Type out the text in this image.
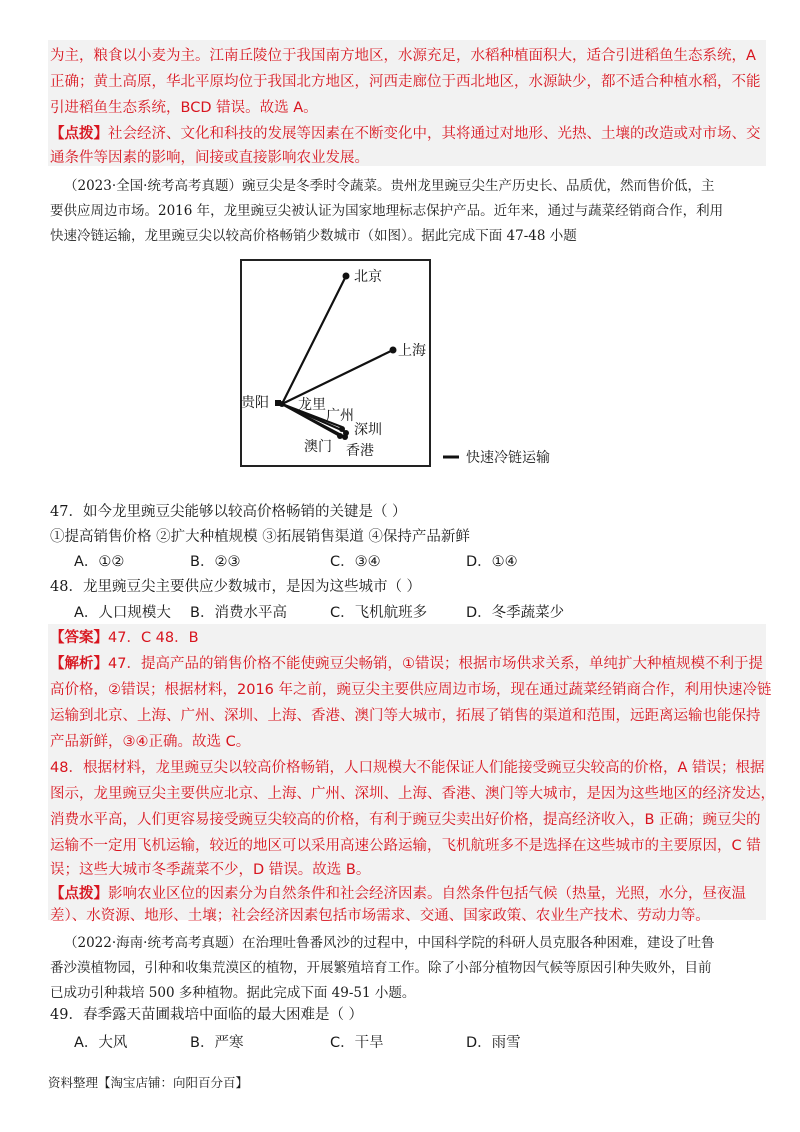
为主，粮食以小麦为主。江南丘陵位于我国南方地区，水源充足，水稻种植面积大，适合引进稻鱼生态系统，A
正确；黄土高原，华北平原均位于我国北方地区，河西走廊位于西北地区，水源缺少，都不适合种植水稻，不能
引进稻鱼生态系统，BCD 错误。故选 A。
【点拨】社会经济、文化和科技的发展等因素在不断变化中，其将通过对地形、光热、土壤的改造或对市场、交
通条件等因素的影响，间接或直接影响农业发展。
（2023·全国·统考高考真题）豌豆尖是冬季时令蔬菜。贵州龙里豌豆尖生产历史长、品质优，然而售价低，主
要供应周边市场。2016 年，龙里豌豆尖被认证为国家地理标志保护产品。近年来，通过与蔬菜经销商合作，利用
快速冷链运输，龙里豌豆尖以较高价格畅销少数城市（如图）。据此完成下面 47-48 小题
北京
上海
贵阳 龙里
广州
深圳
澳门 香港	快速冷链运输
47．如今龙里豌豆尖能够以较高价格畅销的关键是（ ）
①提高销售价格 ②扩大种植规模 ③拓展销售渠道 ④保持产品新鲜
A．①②	B．②③	C．③④	D．①④
48．龙里豌豆尖主要供应少数城市，是因为这些城市（ ）
A．人口规模大 B．消费水平高	C．飞机航班多	D．冬季蔬菜少
【答案】47．C 48．B
【解析】47．提高产品的销售价格不能使豌豆尖畅销，①错误；根据市场供求关系，单纯扩大种植规模不利于提
高价格，②错误；根据材料，2016 年之前，豌豆尖主要供应周边市场，现在通过蔬菜经销商合作，利用快速冷链
运输到北京、上海、广州、深圳、上海、香港、澳门等大城市，拓展了销售的渠道和范围，远距离运输也能保持
产品新鲜，③④正确。故选 C。
48．根据材料，龙里豌豆尖以较高价格畅销，人口规模大不能保证人们能接受豌豆尖较高的价格，A 错误；根据
图示，龙里豌豆尖主要供应北京、上海、广州、深圳、上海、香港、澳门等大城市，是因为这些地区的经济发达，
消费水平高，人们更容易接受豌豆尖较高的价格，有利于豌豆尖卖出好价格，提高经济收入，B 正确；豌豆尖的
运输不一定用飞机运输，较近的地区可以采用高速公路运输，飞机航班多不是选择在这些城市的主要原因，C 错
误；这些大城市冬季蔬菜不少，D 错误。故选 B。
【点拨】影响农业区位的因素分为自然条件和社会经济因素。自然条件包括气候（热量，光照，水分，昼夜温
差）、水资源、地形、土壤；社会经济因素包括市场需求、交通、国家政策、农业生产技术、劳动力等。
（2022·海南·统考高考真题）在治理吐鲁番风沙的过程中，中国科学院的科研人员克服各种困难，建设了吐鲁
番沙漠植物园，引种和收集荒漠区的植物，开展繁殖培育工作。除了小部分植物因气候等原因引种失败外，目前
已成功引种栽培 500 多种植物。据此完成下面 49-51 小题。
49．春季露天苗圃栽培中面临的最大困难是（ ）
A．大风	B．严寒	C．干旱	D．雨雪
资料整理【淘宝店铺：向阳百分百】
